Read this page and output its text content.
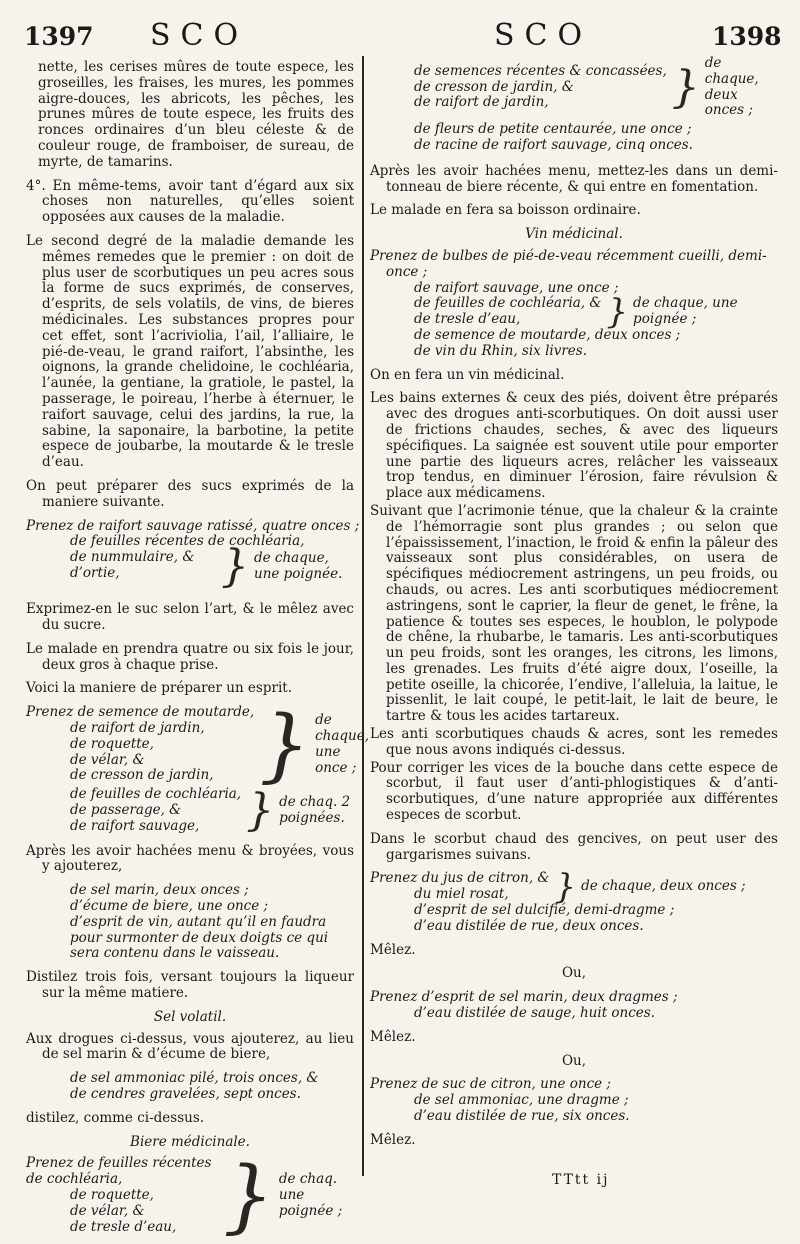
1397 SCO	SCO	1398

nette, les cerises mûres de toute espece, les groseilles, les fraises, les mures, les pommes aigre-douces, les abricots, les pêches, les prunes mûres de toute espece, les fruits des ronces ordinaires d’un bleu céleste & de couleur rouge, de framboiser, de sureau, de myrte, de tamarins.

4°. En même-tems, avoir tant d’égard aux six choses non naturelles, qu’elles soient opposées aux causes de la maladie.

Le second degré de la maladie demande les mêmes remedes que le premier : on doit de plus user de scorbutiques un peu acres sous la forme de sucs exprimés, de conserves, d’esprits, de sels volatils, de vins, de bieres médicinales. Les substances propres pour cet effet, sont l’acriviolia, l’ail, l’alliaire, le pié-de-veau, le grand raifort, l’absinthe, les oignons, la grande chelidoine, le cochléaria, l’aunée, la gentiane, la gratiole, le pastel, la passerage, le poireau, l’herbe à éternuer, le raifort sauvage, celui des jardins, la rue, la sabine, la saponaire, la barbotine, la petite espece de joubarbe, la moutarde & le tresle d’eau.

On peut préparer des sucs exprimés de la maniere suivante.

Prenez de raifort sauvage ratissé, quatre onces ;
de feuilles récentes de cochléaria,
de nummulaire, &
d’ortie,	} de chaque, une poignée.

Exprimez-en le suc selon l’art, & le mêlez avec du sucre.

Le malade en prendra quatre ou six fois le jour, deux gros à chaque prise.

Voici la maniere de préparer un esprit.

Prenez de semence de moutarde,
de raifort de jardin,
de roquette,
de vélar, &
de cresson de jardin, } de chaque, une once ;
de feuilles de cochléaria,
de passerage, &
de raifort sauvage,	} de chaq. 2 poignées.

Après les avoir hachées menu & broyées, vous y ajouterez,

de sel marin, deux onces ;
d’écume de biere, une once ;
d’esprit de vin, autant qu’il en faudra pour surmonter de deux doigts ce qui sera contenu dans le vaisseau.

Distilez trois fois, versant toujours la liqueur sur la même matiere.

Sel volatil.

Aux drogues ci-dessus, vous ajouterez, au lieu de sel marin & d’écume de biere,

de sel ammoniac pilé, trois onces, &
de cendres gravelées, sept onces.

distilez, comme ci-dessus.

Biere médicinale.

Prenez de feuilles récentes de cochléaria,
de roquette,
de vélar, &
de tresle d’eau, } de chaq. une poignée ;
de semences récentes & concassées,
de cresson de jardin, &
de raifort de jardin,	} de chaque, deux onces ;
de fleurs de petite centaurée, une once ;
de racine de raifort sauvage, cinq onces.

Après les avoir hachées menu, mettez-les dans un demi-tonneau de biere récente, & qui entre en fomentation.

Le malade en fera sa boisson ordinaire.

Vin médicinal.

Prenez de bulbes de pié-de-veau récemment cueilli, demi-once ;
de raifort sauvage, une once ;
de feuilles de cochléaria, &
de tresle d’eau,	} de chaque, une poignée ;
de semence de moutarde, deux onces ;
de vin du Rhin, six livres.

On en fera un vin médicinal.

Les bains externes & ceux des piés, doivent être préparés avec des drogues anti-scorbutiques. On doit aussi user de frictions chaudes, seches, & avec des liqueurs spécifiques. La saignée est souvent utile pour emporter une partie des liqueurs acres, relâcher les vaisseaux trop tendus, en diminuer l’érosion, faire révulsion & place aux médicamens.

Suivant que l’acrimonie ténue, que la chaleur & la crainte de l’hémorragie sont plus grandes ; ou selon que l’épaississement, l’inaction, le froid & enfin la pâleur des vaisseaux sont plus considérables, on usera de spécifiques médiocrement astringens, un peu froids, ou chauds, ou acres. Les anti scorbutiques médiocrement astringens, sont le caprier, la fleur de genet, le frêne, la patience & toutes ses especes, le houblon, le polypode de chêne, la rhubarbe, le tamaris. Les anti-scorbutiques un peu froids, sont les oranges, les citrons, les limons, les grenades. Les fruits d’été aigre doux, l’oseille, la petite oseille, la chicorée, l’endive, l’alleluia, la laitue, le pissenlit, le lait coupé, le petit-lait, le lait de beure, le tartre & tous les acides tartareux.

Les anti scorbutiques chauds & acres, sont les remedes que nous avons indiqués ci-dessus.

Pour corriger les vices de la bouche dans cette espece de scorbut, il faut user d’anti-phlogistiques & d’anti-scorbutiques, d’une nature appropriée aux différentes especes de scorbut.

Dans le scorbut chaud des gencives, on peut user des gargarismes suivans.

Prenez du jus de citron, &
du miel rosat,	} de chaque, deux onces ;
d’esprit de sel dulcifié, demi-dragme ;
d’eau distilée de rue, deux onces.

Mêlez.

Ou,

Prenez d’esprit de sel marin, deux dragmes ;
d’eau distilée de sauge, huit onces.

Mêlez.

Ou,

Prenez de suc de citron, une once ;
de sel ammoniac, une dragme ;
d’eau distilée de rue, six onces.

Mêlez.

TTtt ij
